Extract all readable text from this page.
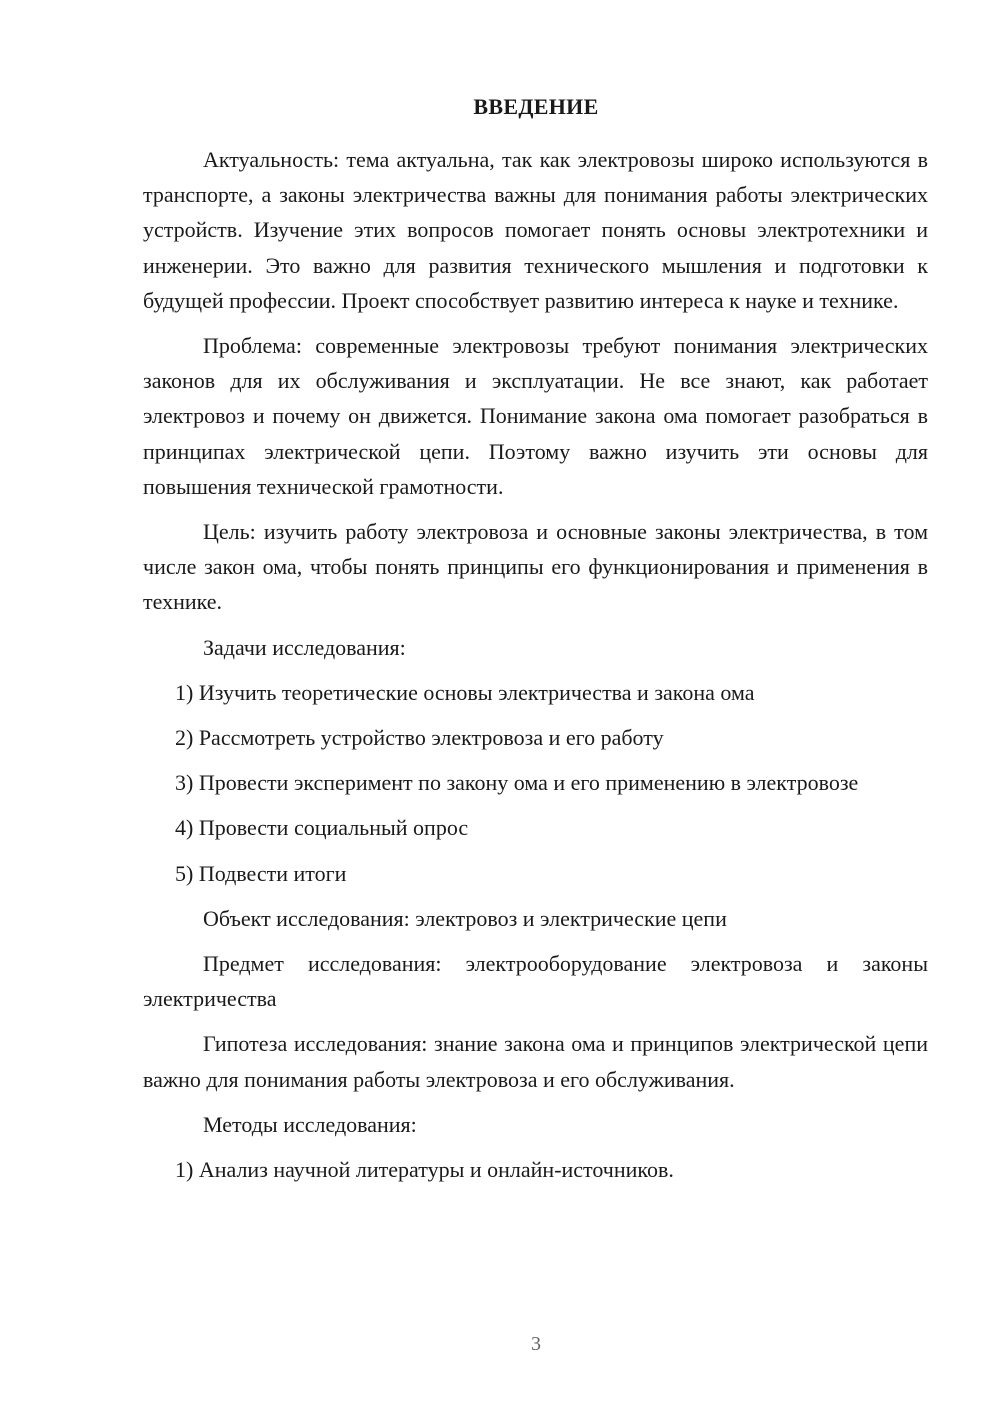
ВВЕДЕНИЕ

Актуальность: тема актуальна, так как электровозы широко используются в транспорте, а законы электричества важны для понимания работы электрических устройств. Изучение этих вопросов помогает понять основы электротехники и инженерии. Это важно для развития технического мышления и подготовки к будущей профессии. Проект способствует развитию интереса к науке и технике.

Проблема: современные электровозы требуют понимания электрических законов для их обслуживания и эксплуатации. Не все знают, как работает электровоз и почему он движется. Понимание закона ома помогает разобраться в принципах электрической цепи. Поэтому важно изучить эти основы для повышения технической грамотности.

Цель: изучить работу электровоза и основные законы электричества, в том числе закон ома, чтобы понять принципы его функционирования и применения в технике.

Задачи исследования:

1) Изучить теоретические основы электричества и закона ома

2) Рассмотреть устройство электровоза и его работу

3) Провести эксперимент по закону ома и его применению в электровозе

4) Провести социальный опрос

5) Подвести итоги

Объект исследования: электровоз и электрические цепи

Предмет исследования: электрооборудование электровоза и законы электричества

Гипотеза исследования: знание закона ома и принципов электрической цепи важно для понимания работы электровоза и его обслуживания.

Методы исследования:

1) Анализ научной литературы и онлайн-источников.

3
